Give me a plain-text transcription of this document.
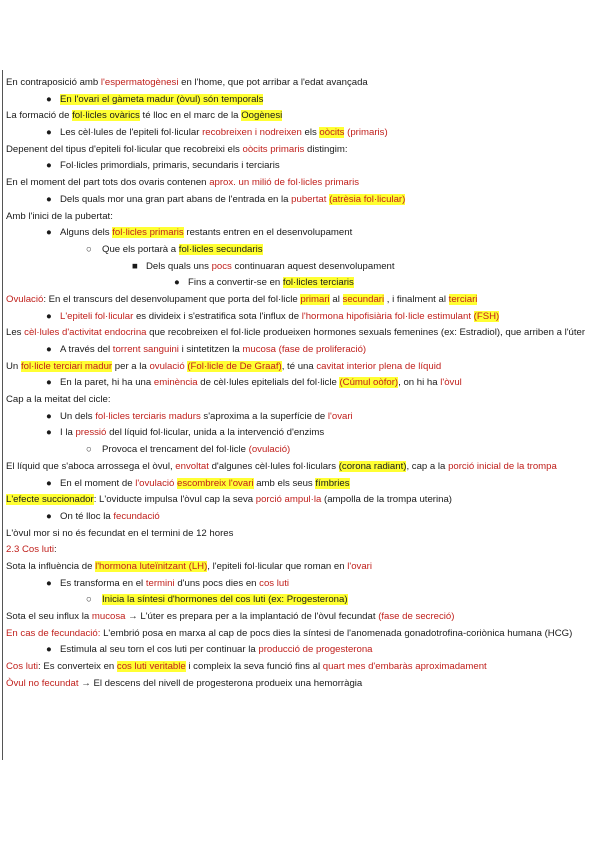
En contraposició amb l'espermatogènesi en l'home, que pot arribar a l'edat avançada
● En l'ovari el gàmeta madur (òvul) són temporals
La formació de fol·licles ovàrics té lloc en el marc de la Oogènesi
● Les cèl·lules de l'epiteli fol·licular recobreixen i nodreixen els oòcits (primaris)
Depenent del tipus d'epiteli fol·licular que recobreixi els oòcits primaris distingim:
● Fol·licles primordials, primaris, secundaris i terciaris
En el moment del part tots dos ovaris contenen aprox. un milió de fol·licles primaris
● Dels quals mor una gran part abans de l'entrada en la pubertat (atrèsia fol·licular)
Amb l'inici de la pubertat:
● Alguns dels fol·licles primaris restants entren en el desenvolupament
○ Que els portarà a fol·licles secundaris
■ Dels quals uns pocs continuaran aquest desenvolupament
● Fins a convertir-se en fol·licles terciaris
Ovulació: En el transcurs del desenvolupament que porta del fol·licle primari al secundari , i finalment al terciari
● L'epiteli fol·licular es divideix i s'estratifica sota l'influx de l'hormona hipofisiària fol·licle estimulant (FSH)
Les cèl·lules d'activitat endocrina que recobreixen el fol·licle produeixen hormones sexuals femenines (ex: Estradiol), que arriben a l'úter
● A través del torrent sanguini i sintetitzen la mucosa (fase de proliferació)
Un fol·licle terciari madur per a la ovulació (Fol·licle de De Graaf), té una cavitat interior plena de líquid
● En la paret, hi ha una eminència de cèl·lules epitelials del fol·licle (Cúmul oòfor), on hi ha l'òvul
Cap a la meitat del cicle:
● Un dels fol·licles terciaris madurs s'aproxima a la superfície de l'ovari
● I la pressió del líquid fol·licular, unida a la intervenció d'enzims
○ Provoca el trencament del fol·licle (ovulació)
El líquid que s'aboca arrossega el òvul, envoltat d'algunes cèl·lules fol·liculars (corona radiant), cap a la porció inicial de la trompa
● En el moment de l'ovulació escombreix l'ovari amb els seus fímbries
L'efecte succionador: L'oviducte impulsa l'òvul cap la seva porció ampul·la (ampolla de la trompa uterina)
● On té lloc la fecundació
L'òvul mor si no és fecundat en el termini de 12 hores
2.3 Cos luti:
Sota la influència de l'hormona luteïnitzant (LH), l'epiteli fol·licular que roman en l'ovari
● Es transforma en el termini d'uns pocs dies en cos luti
○ Inicia la síntesi d'hormones del cos luti (ex: Progesterona)
Sota el seu influx la mucosa → L'úter es prepara per a la implantació de l'òvul fecundat (fase de secreció)
En cas de fecundació: L'embrió posa en marxa al cap de pocs dies la síntesi de l'anomenada gonadotrofina-coriònica humana (HCG)
● Estimula al seu torn el cos luti per continuar la producció de progesterona
Cos luti: Es converteix en cos luti veritable i compleix la seva funció fins al quart mes d'embaràs aproximadament
Òvul no fecundat → El descens del nivell de progesterona produeix una hemorràgia
